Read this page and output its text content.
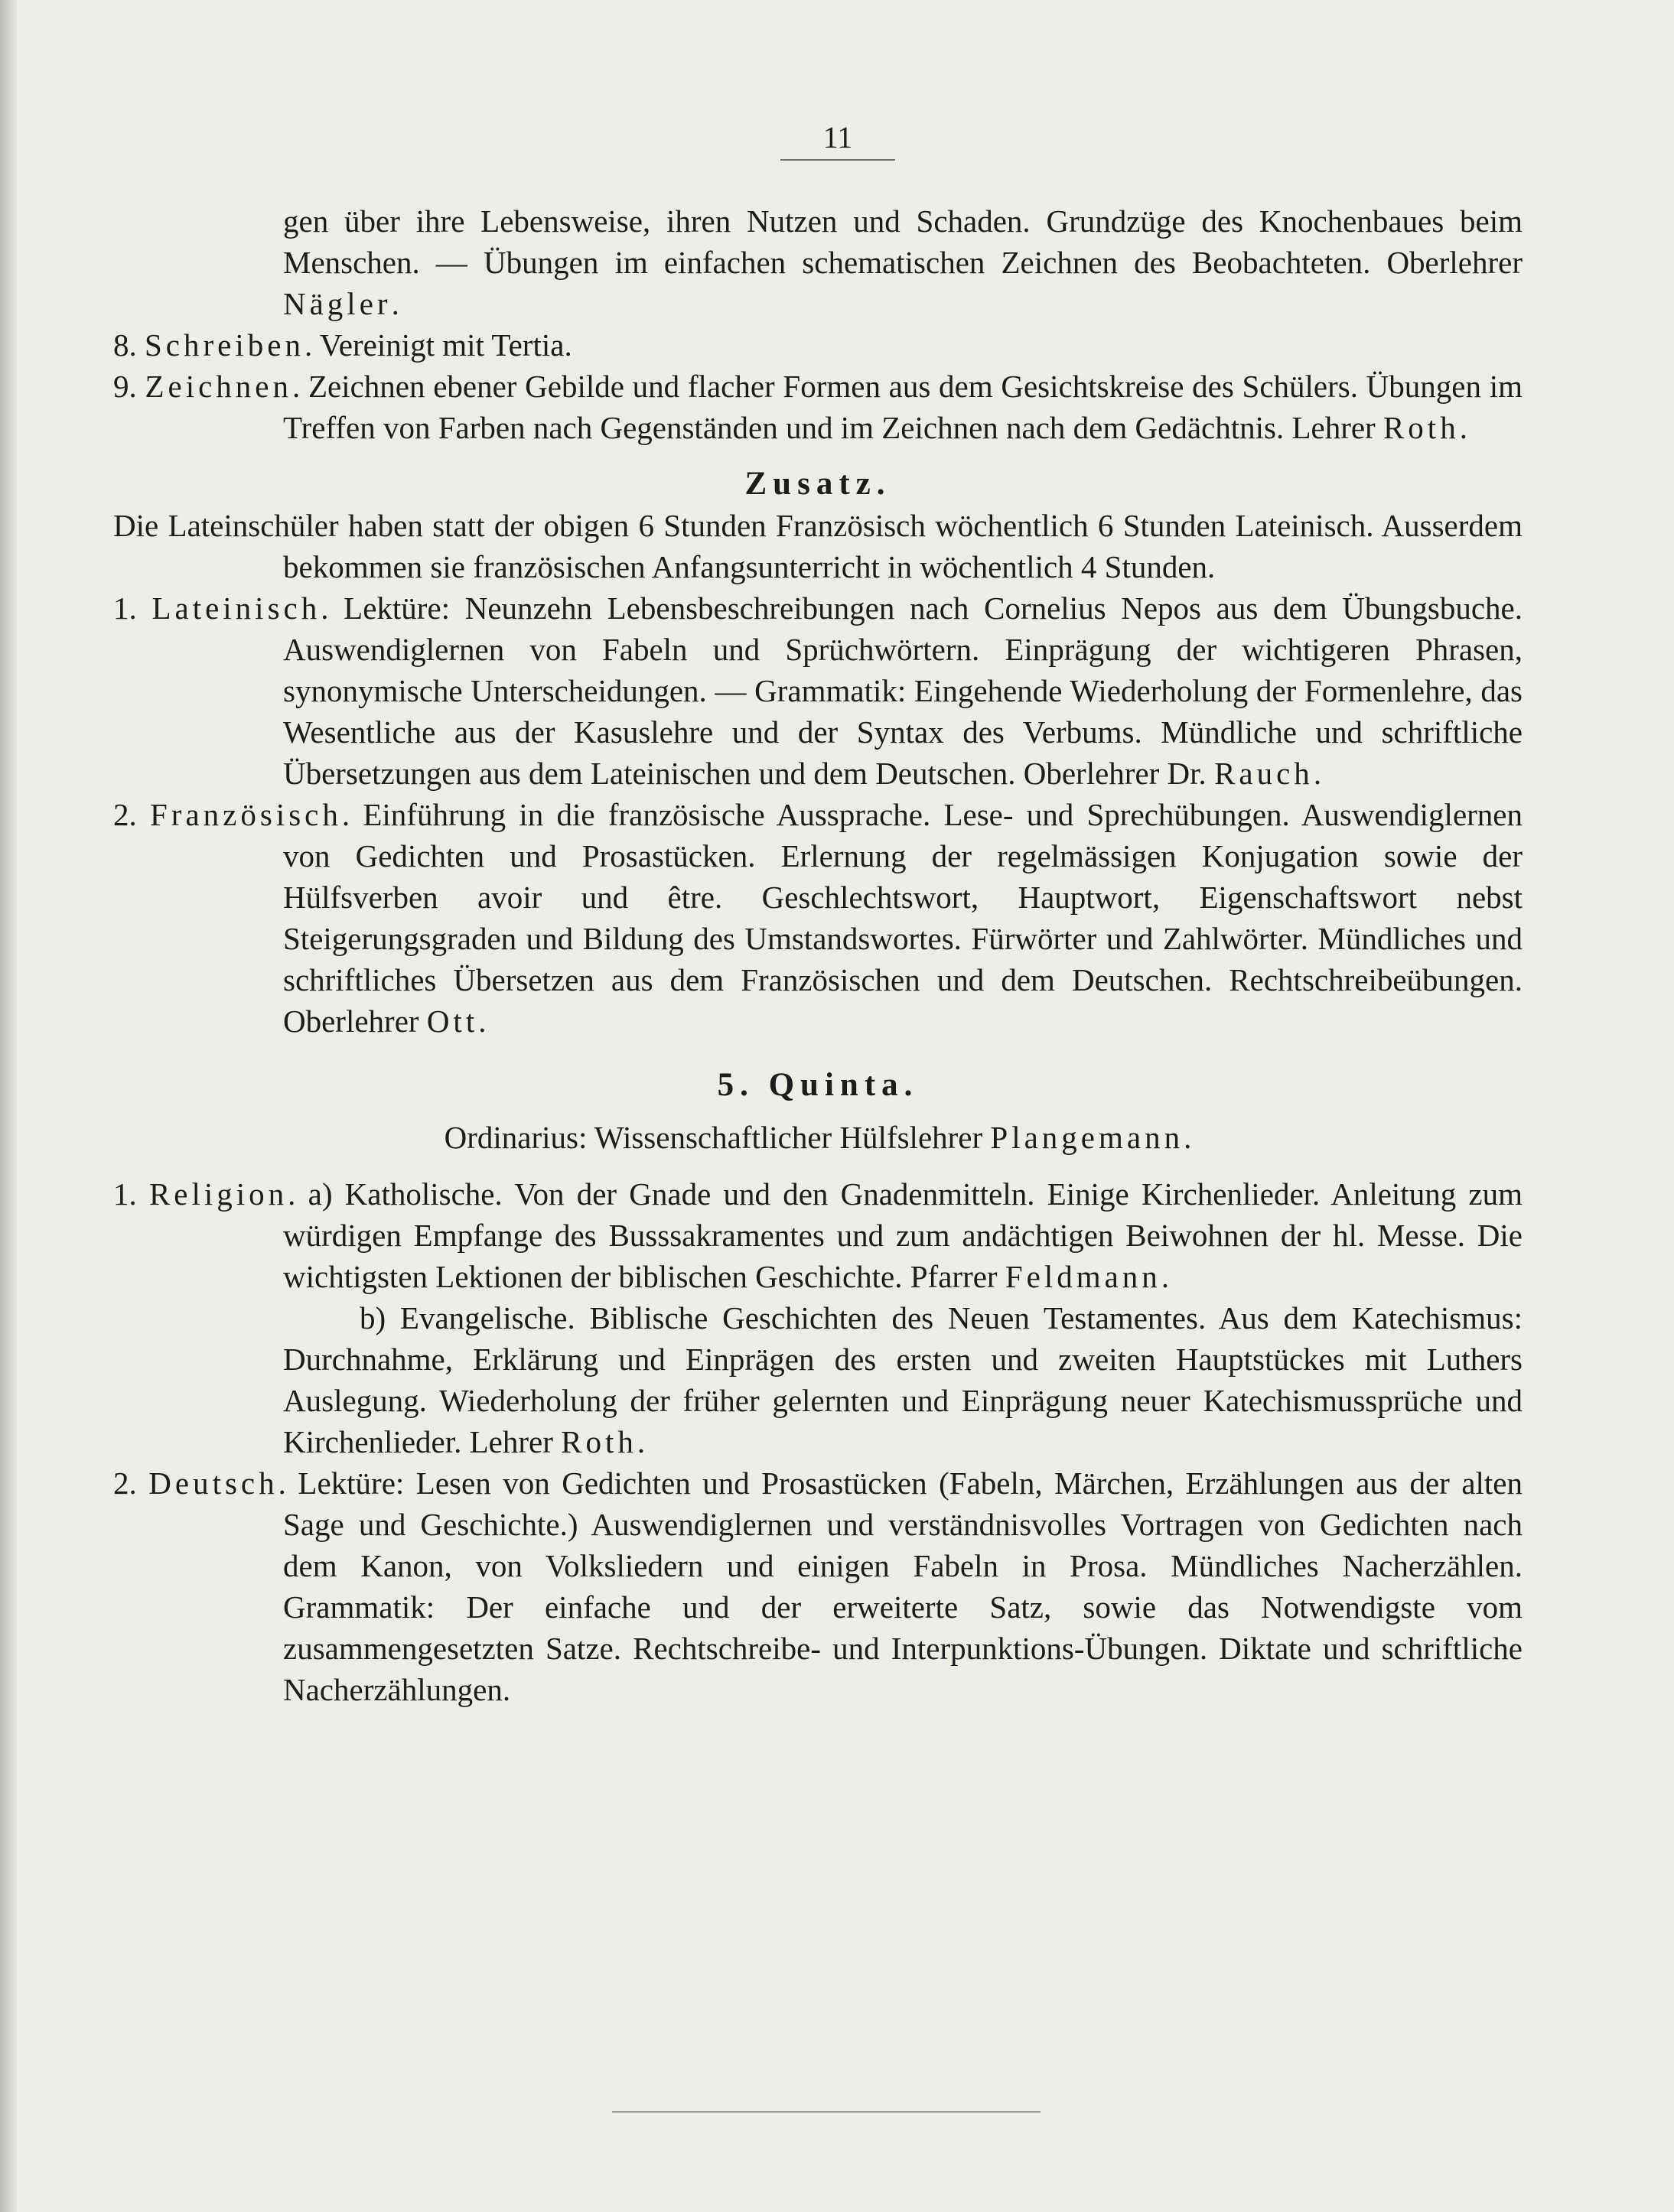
11

gen über ihre Lebensweise, ihren Nutzen und Schaden. Grundzüge des Knochenbaues beim Menschen. — Übungen im einfachen schematischen Zeichnen des Beobachteten. Oberlehrer Nägler.

8. Schreiben. Vereinigt mit Tertia.

9. Zeichnen. Zeichnen ebener Gebilde und flacher Formen aus dem Gesichtskreise des Schülers. Übungen im Treffen von Farben nach Gegenständen und im Zeichnen nach dem Gedächtnis. Lehrer Roth.

Zusatz.

Die Lateinschüler haben statt der obigen 6 Stunden Französisch wöchentlich 6 Stunden Lateinisch. Ausserdem bekommen sie französischen Anfangsunterricht in wöchentlich 4 Stunden.

1. Lateinisch. Lektüre: Neunzehn Lebensbeschreibungen nach Cornelius Nepos aus dem Übungsbuche. Auswendiglernen von Fabeln und Sprüchwörtern. Einprägung der wichtigeren Phrasen, synonymische Unterscheidungen. — Grammatik: Eingehende Wiederholung der Formenlehre, das Wesentliche aus der Kasuslehre und der Syntax des Verbums. Mündliche und schriftliche Übersetzungen aus dem Lateinischen und dem Deutschen. Oberlehrer Dr. Rauch.

2. Französisch. Einführung in die französische Aussprache. Lese- und Sprechübungen. Auswendiglernen von Gedichten und Prosastücken. Erlernung der regelmässigen Konjugation sowie der Hülfsverben avoir und être. Geschlechtswort, Hauptwort, Eigenschaftswort nebst Steigerungsgraden und Bildung des Umstandswortes. Fürwörter und Zahlwörter. Mündliches und schriftliches Übersetzen aus dem Französischen und dem Deutschen. Rechtschreibeübungen. Oberlehrer Ott.

5. Quinta.

Ordinarius: Wissenschaftlicher Hülfslehrer Plangemann.

1. Religion. a) Katholische. Von der Gnade und den Gnadenmitteln. Einige Kirchenlieder. Anleitung zum würdigen Empfange des Busssakramentes und zum andächtigen Beiwohnen der hl. Messe. Die wichtigsten Lektionen der biblischen Geschichte. Pfarrer Feldmann.

b) Evangelische. Biblische Geschichten des Neuen Testamentes. Aus dem Katechismus: Durchnahme, Erklärung und Einprägen des ersten und zweiten Hauptstückes mit Luthers Auslegung. Wiederholung der früher gelernten und Einprägung neuer Katechismussprüche und Kirchenlieder. Lehrer Roth.

2. Deutsch. Lektüre: Lesen von Gedichten und Prosastücken (Fabeln, Märchen, Erzählungen aus der alten Sage und Geschichte.) Auswendiglernen und verständnisvolles Vortragen von Gedichten nach dem Kanon, von Volksliedern und einigen Fabeln in Prosa. Mündliches Nacherzählen. Grammatik: Der einfache und der erweiterte Satz, sowie das Notwendigste vom zusammengesetzten Satze. Rechtschreibe- und Interpunktions-Übungen. Diktate und schriftliche Nacherzählungen.
